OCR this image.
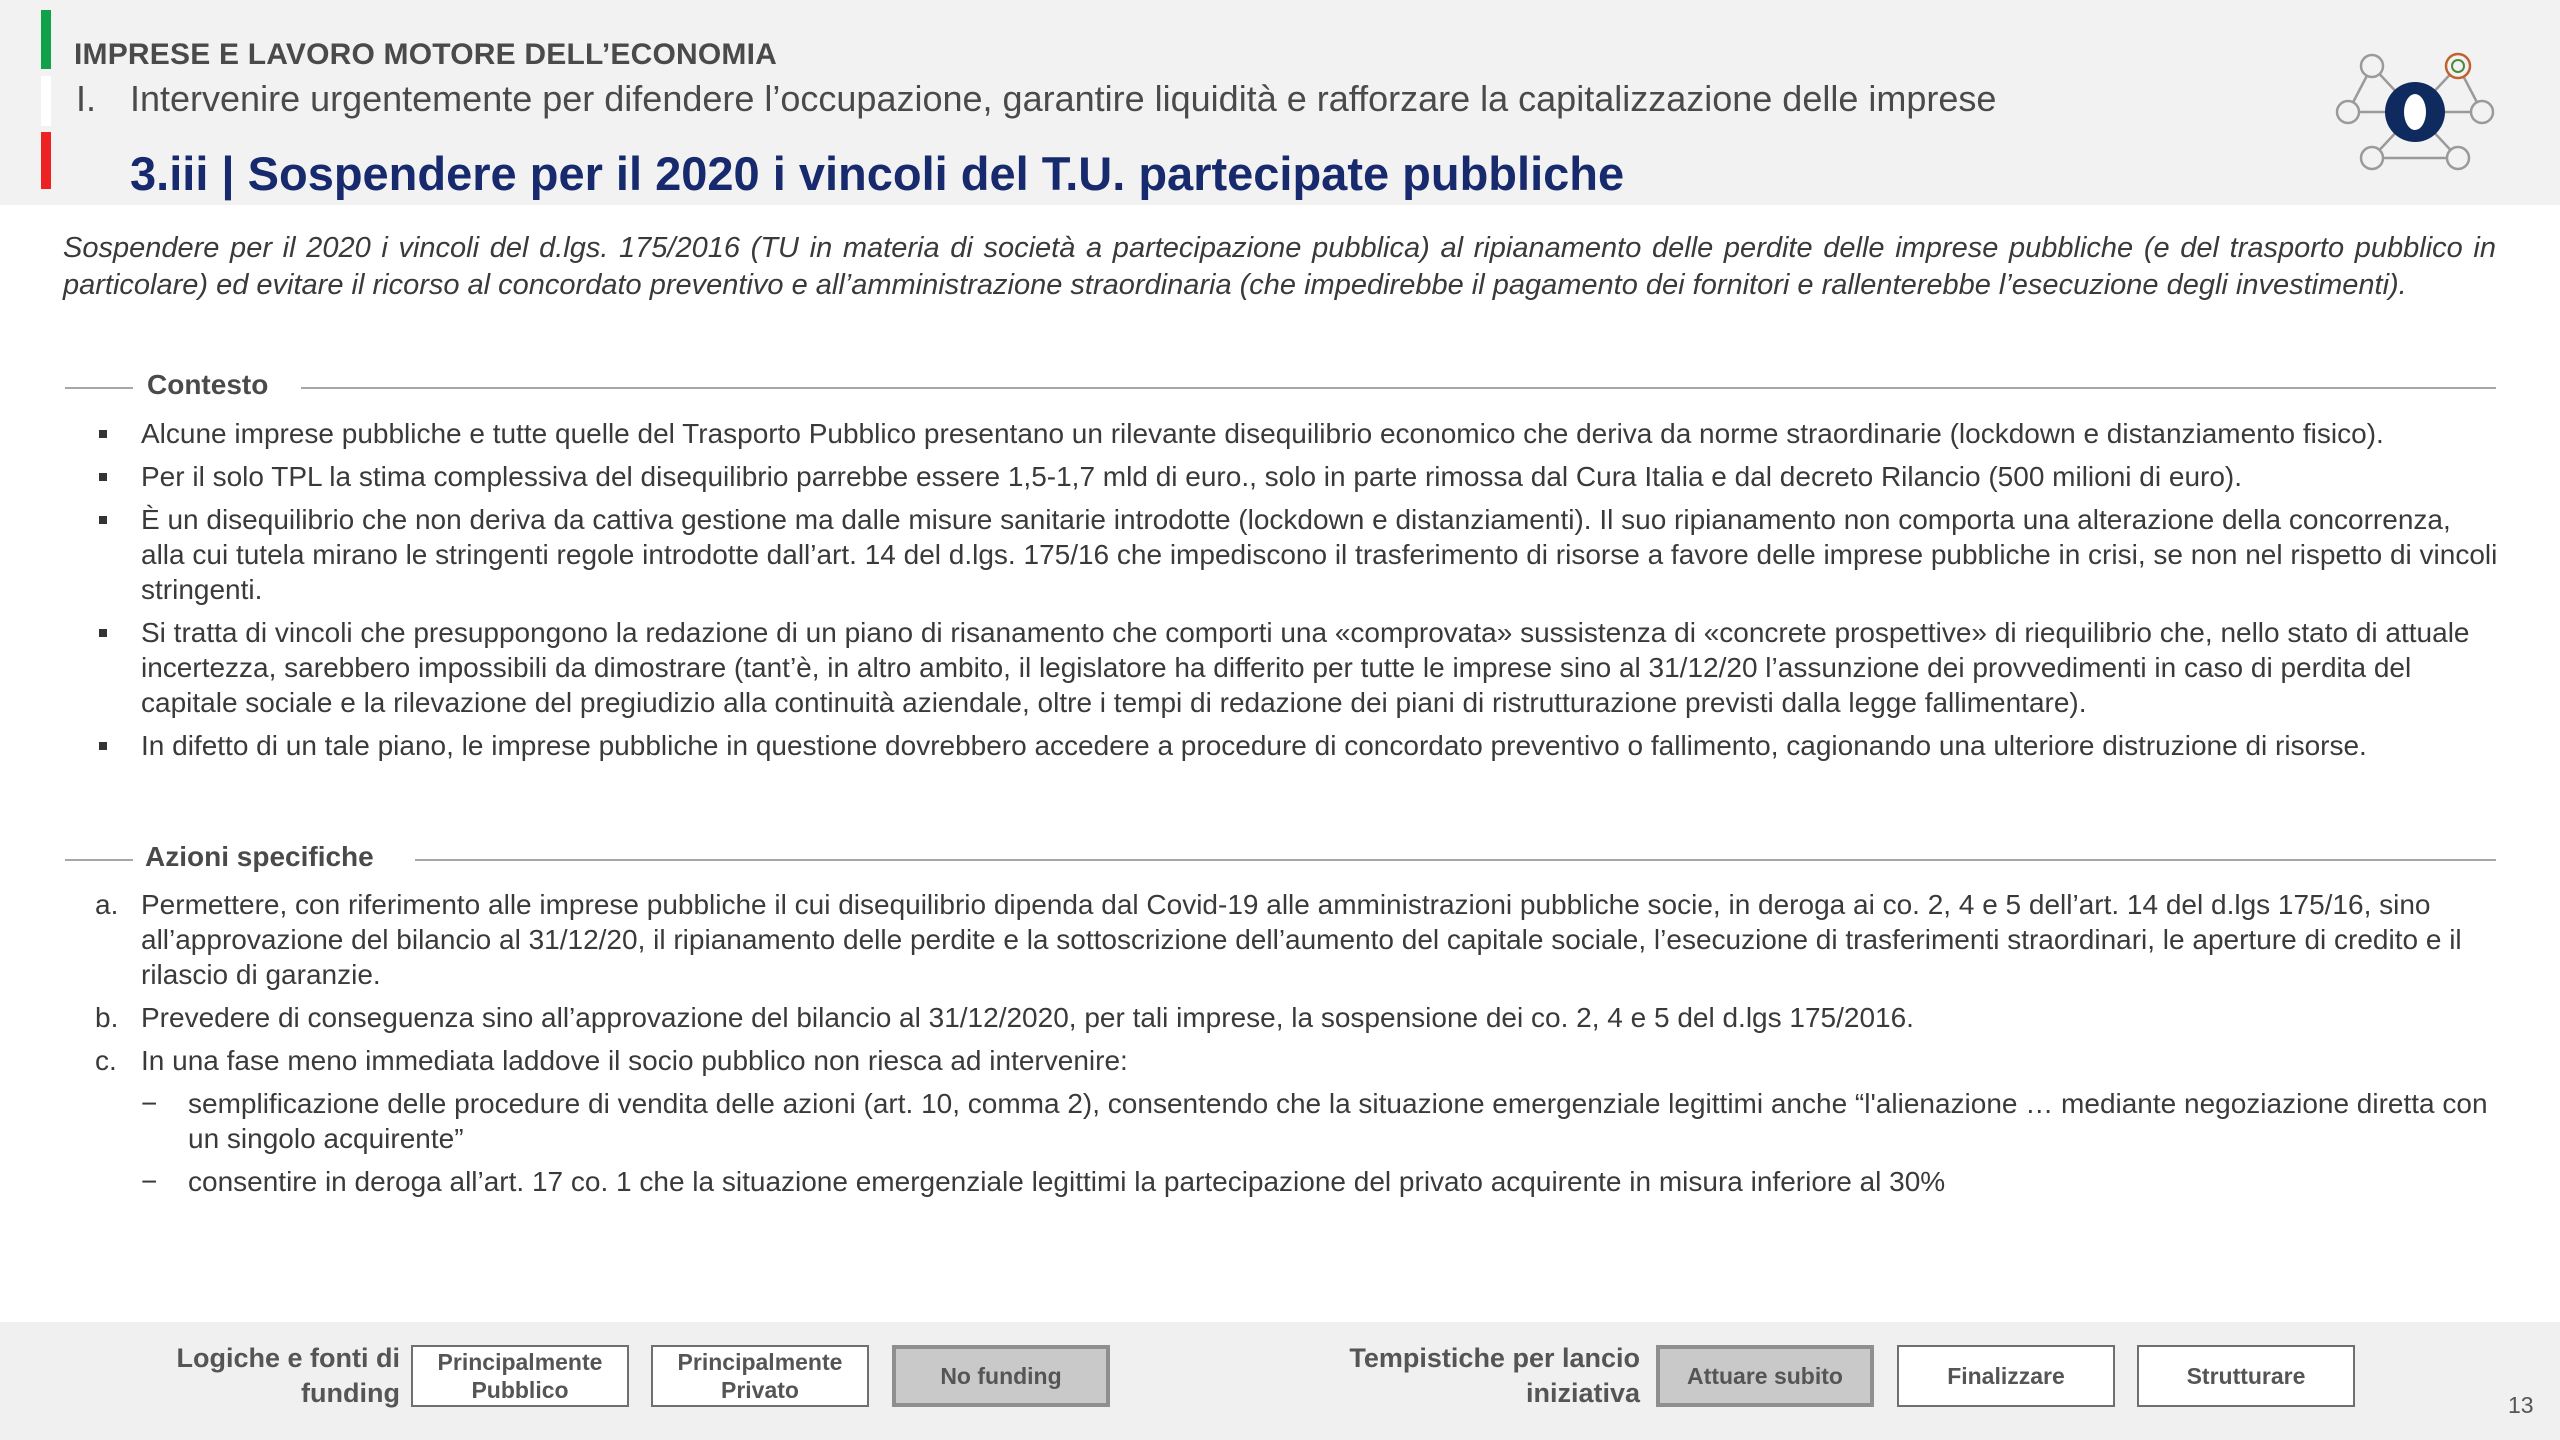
IMPRESE E LAVORO MOTORE DELL’ECONOMIA
I. Intervenire urgentemente per difendere l’occupazione, garantire liquidità e rafforzare la capitalizzazione delle imprese
3.iii | Sospendere per il 2020 i vincoli del T.U. partecipate pubbliche
Sospendere per il 2020 i vincoli del d.lgs. 175/2016 (TU in materia di società a partecipazione pubblica) al ripianamento delle perdite delle imprese pubbliche (e del trasporto pubblico in particolare) ed evitare il ricorso al concordato preventivo e all’amministrazione straordinaria (che impedirebbe il pagamento dei fornitori e rallenterebbe l’esecuzione degli investimenti).
Contesto
Alcune imprese pubbliche e tutte quelle del Trasporto Pubblico presentano un rilevante disequilibrio economico che deriva da norme straordinarie (lockdown e distanziamento fisico).
Per il solo TPL la stima complessiva del disequilibrio parrebbe essere 1,5-1,7 mld di euro., solo in parte rimossa dal Cura Italia e dal decreto Rilancio (500 milioni di euro).
È un disequilibrio che non deriva da cattiva gestione ma dalle misure sanitarie introdotte (lockdown e distanziamenti). Il suo ripianamento non comporta una alterazione della concorrenza, alla cui tutela mirano le stringenti regole introdotte dall’art. 14 del d.lgs. 175/16 che impediscono il trasferimento di risorse a favore delle imprese pubbliche in crisi, se non nel rispetto di vincoli stringenti.
Si tratta di vincoli che presuppongono la redazione di un piano di risanamento che comporti una «comprovata» sussistenza di «concrete prospettive» di riequilibrio che, nello stato di attuale incertezza, sarebbero impossibili da dimostrare (tant’è, in altro ambito, il legislatore ha differito per tutte le imprese sino al 31/12/20 l’assunzione dei provvedimenti in caso di perdita del capitale sociale e la rilevazione del pregiudizio alla continuità aziendale, oltre i tempi di redazione dei piani di ristrutturazione previsti dalla legge fallimentare).
In difetto di un tale piano, le imprese pubbliche in questione dovrebbero accedere a procedure di concordato preventivo o fallimento, cagionando una ulteriore distruzione di risorse.
Azioni specifiche
a. Permettere, con riferimento alle imprese pubbliche il cui disequilibrio dipenda dal Covid-19 alle amministrazioni pubbliche socie, in deroga ai co. 2, 4 e 5 dell’art. 14 del d.lgs 175/16, sino all’approvazione del bilancio al 31/12/20, il ripianamento delle perdite e la sottoscrizione dell’aumento del capitale sociale, l’esecuzione di trasferimenti straordinari, le aperture di credito e il rilascio di garanzie.
b. Prevedere di conseguenza sino all’approvazione del bilancio al 31/12/2020, per tali imprese, la sospensione dei co. 2, 4 e 5 del d.lgs 175/2016.
c. In una fase meno immediata laddove il socio pubblico non riesca ad intervenire:
− semplificazione delle procedure di vendita delle azioni (art. 10, comma 2), consentendo che la situazione emergenziale legittimi anche “l'alienazione … mediante negoziazione diretta con un singolo acquirente”
− consentire in deroga all’art. 17 co. 1 che la situazione emergenziale legittimi la partecipazione del privato acquirente in misura inferiore al 30%
Logiche e fonti di funding
Principalmente Pubblico
Principalmente Privato
No funding
Tempistiche per lancio iniziativa
Attuare subito	Finalizzare	Strutturare
13
